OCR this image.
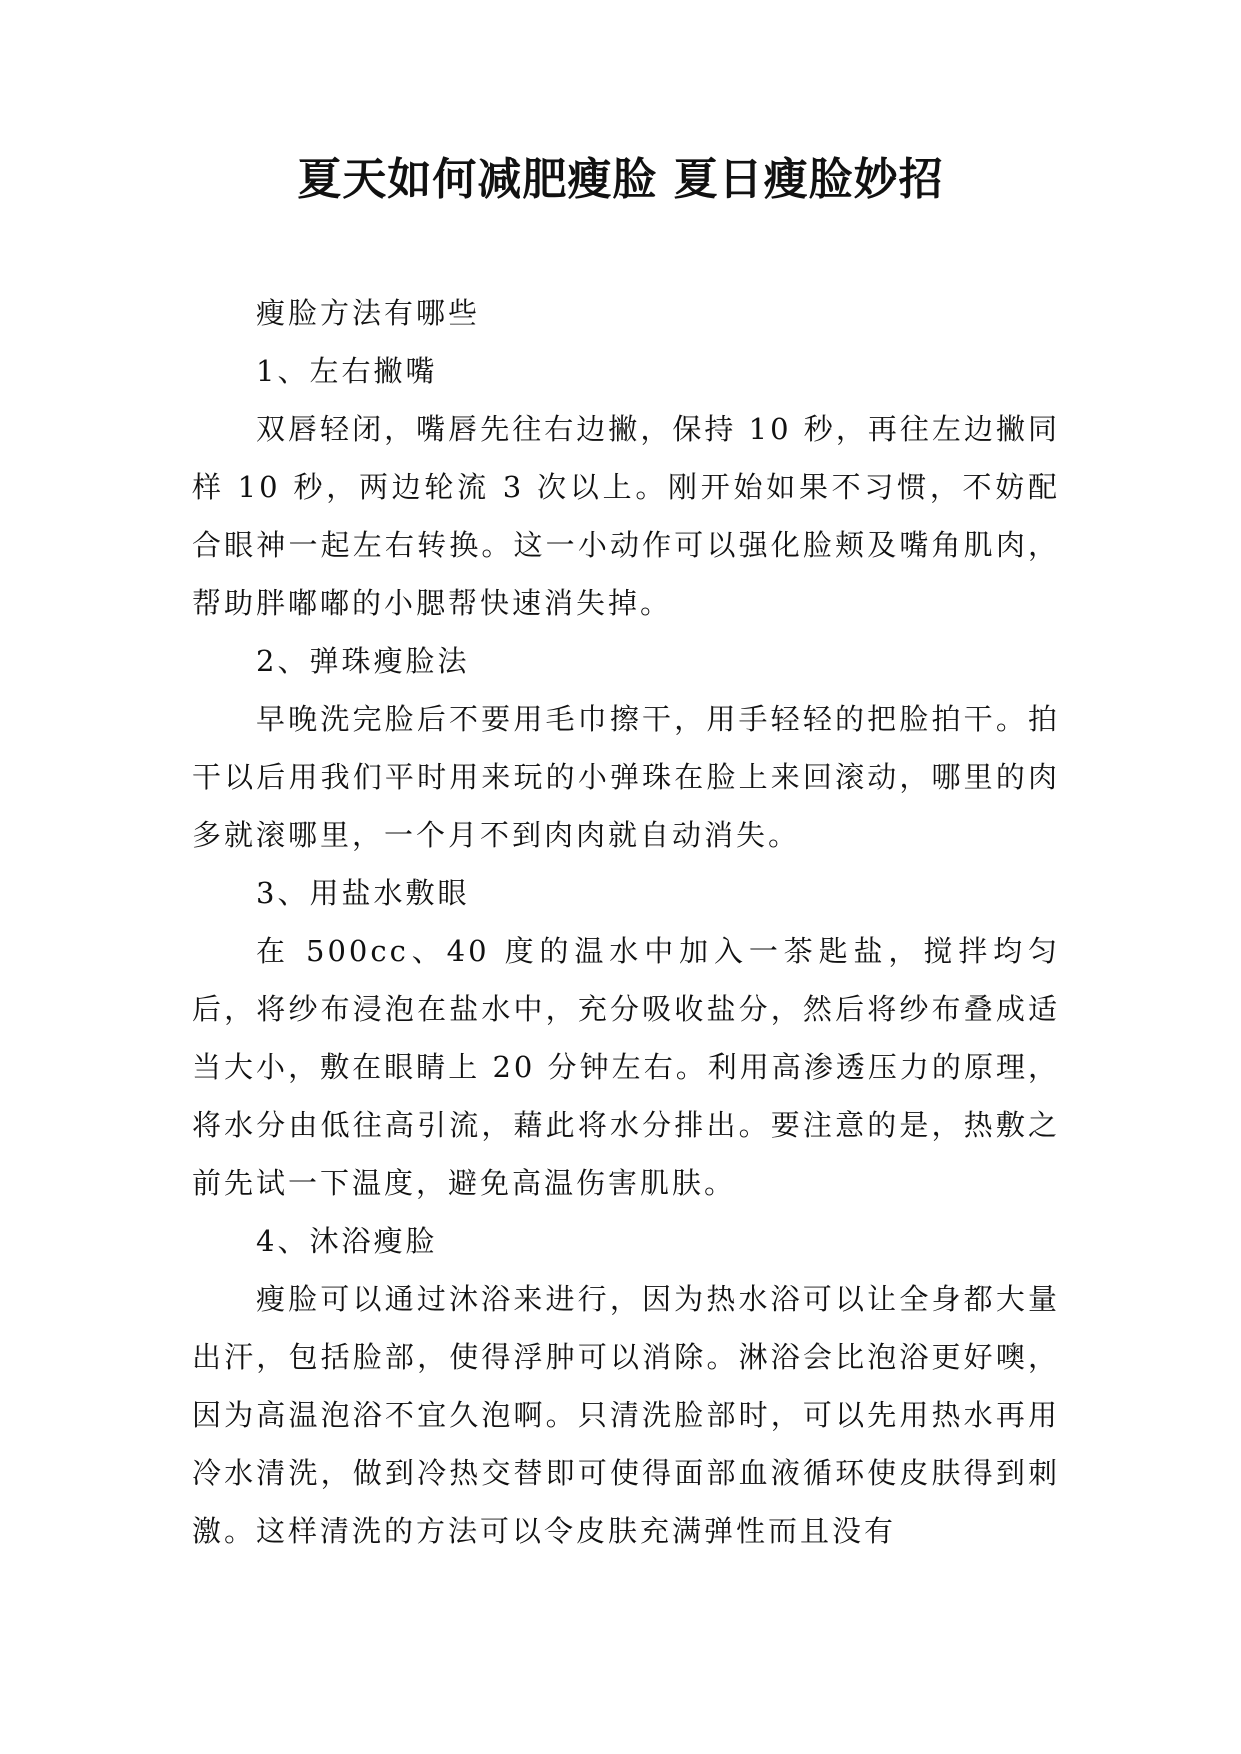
夏天如何减肥瘦脸 夏日瘦脸妙招

瘦脸方法有哪些

1、左右撇嘴

双唇轻闭，嘴唇先往右边撇，保持 10 秒，再往左边撇同样 10 秒，两边轮流 3 次以上。刚开始如果不习惯，不妨配合眼神一起左右转换。这一小动作可以强化脸颊及嘴角肌肉，帮助胖嘟嘟的小腮帮快速消失掉。

2、弹珠瘦脸法

早晚洗完脸后不要用毛巾擦干，用手轻轻的把脸拍干。拍干以后用我们平时用来玩的小弹珠在脸上来回滚动，哪里的肉多就滚哪里，一个月不到肉肉就自动消失。

3、用盐水敷眼

在 500cc、40 度的温水中加入一茶匙盐，搅拌均匀后，将纱布浸泡在盐水中，充分吸收盐分，然后将纱布叠成适当大小，敷在眼睛上 20 分钟左右。利用高渗透压力的原理，将水分由低往高引流，藉此将水分排出。要注意的是，热敷之前先试一下温度，避免高温伤害肌肤。

4、沐浴瘦脸

瘦脸可以通过沐浴来进行，因为热水浴可以让全身都大量出汗，包括脸部，使得浮肿可以消除。淋浴会比泡浴更好噢，因为高温泡浴不宜久泡啊。只清洗脸部时，可以先用热水再用冷水清洗，做到冷热交替即可使得面部血液循环使皮肤得到刺激。这样清洗的方法可以令皮肤充满弹性而且没有
